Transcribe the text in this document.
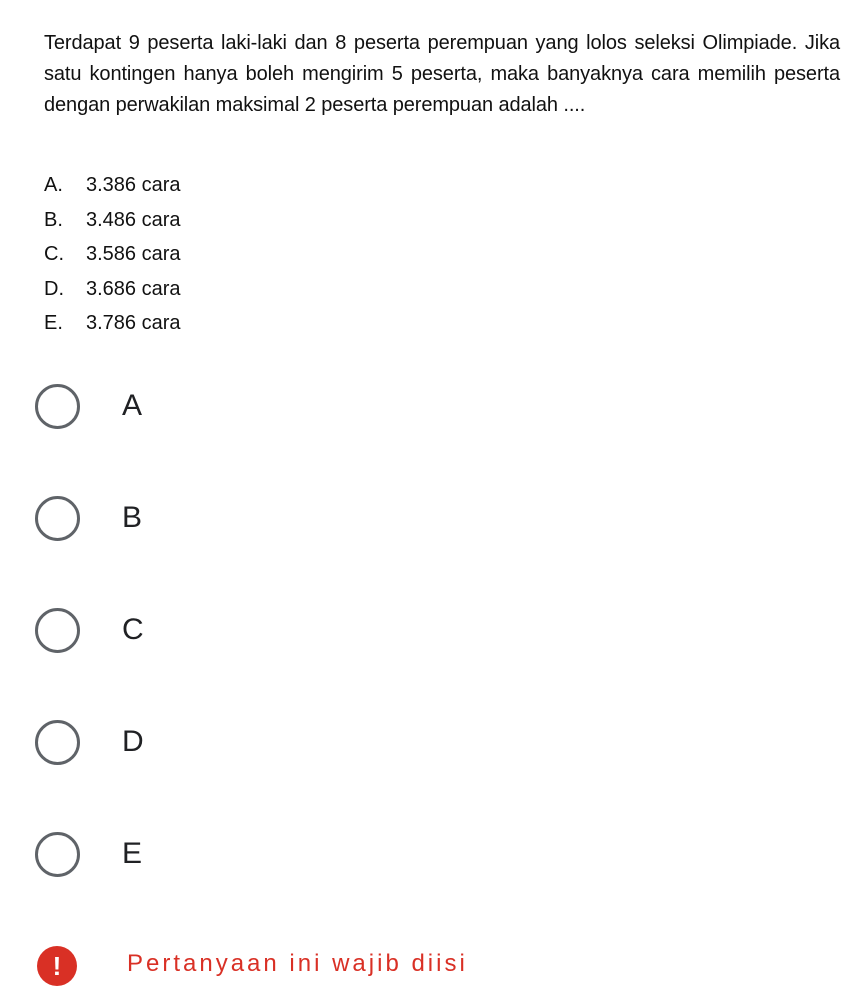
Terdapat 9 peserta laki-laki dan 8 peserta perempuan yang lolos seleksi Olimpiade. Jika satu kontingen hanya boleh mengirim 5 peserta, maka banyaknya cara memilih peserta dengan perwakilan maksimal 2 peserta perempuan adalah ....

A.	3.386 cara
B.	3.486 cara
C.	3.586 cara
D.	3.686 cara
E.	3.786 cara
A
B
C
D
E
!	Pertanyaan ini wajib diisi
